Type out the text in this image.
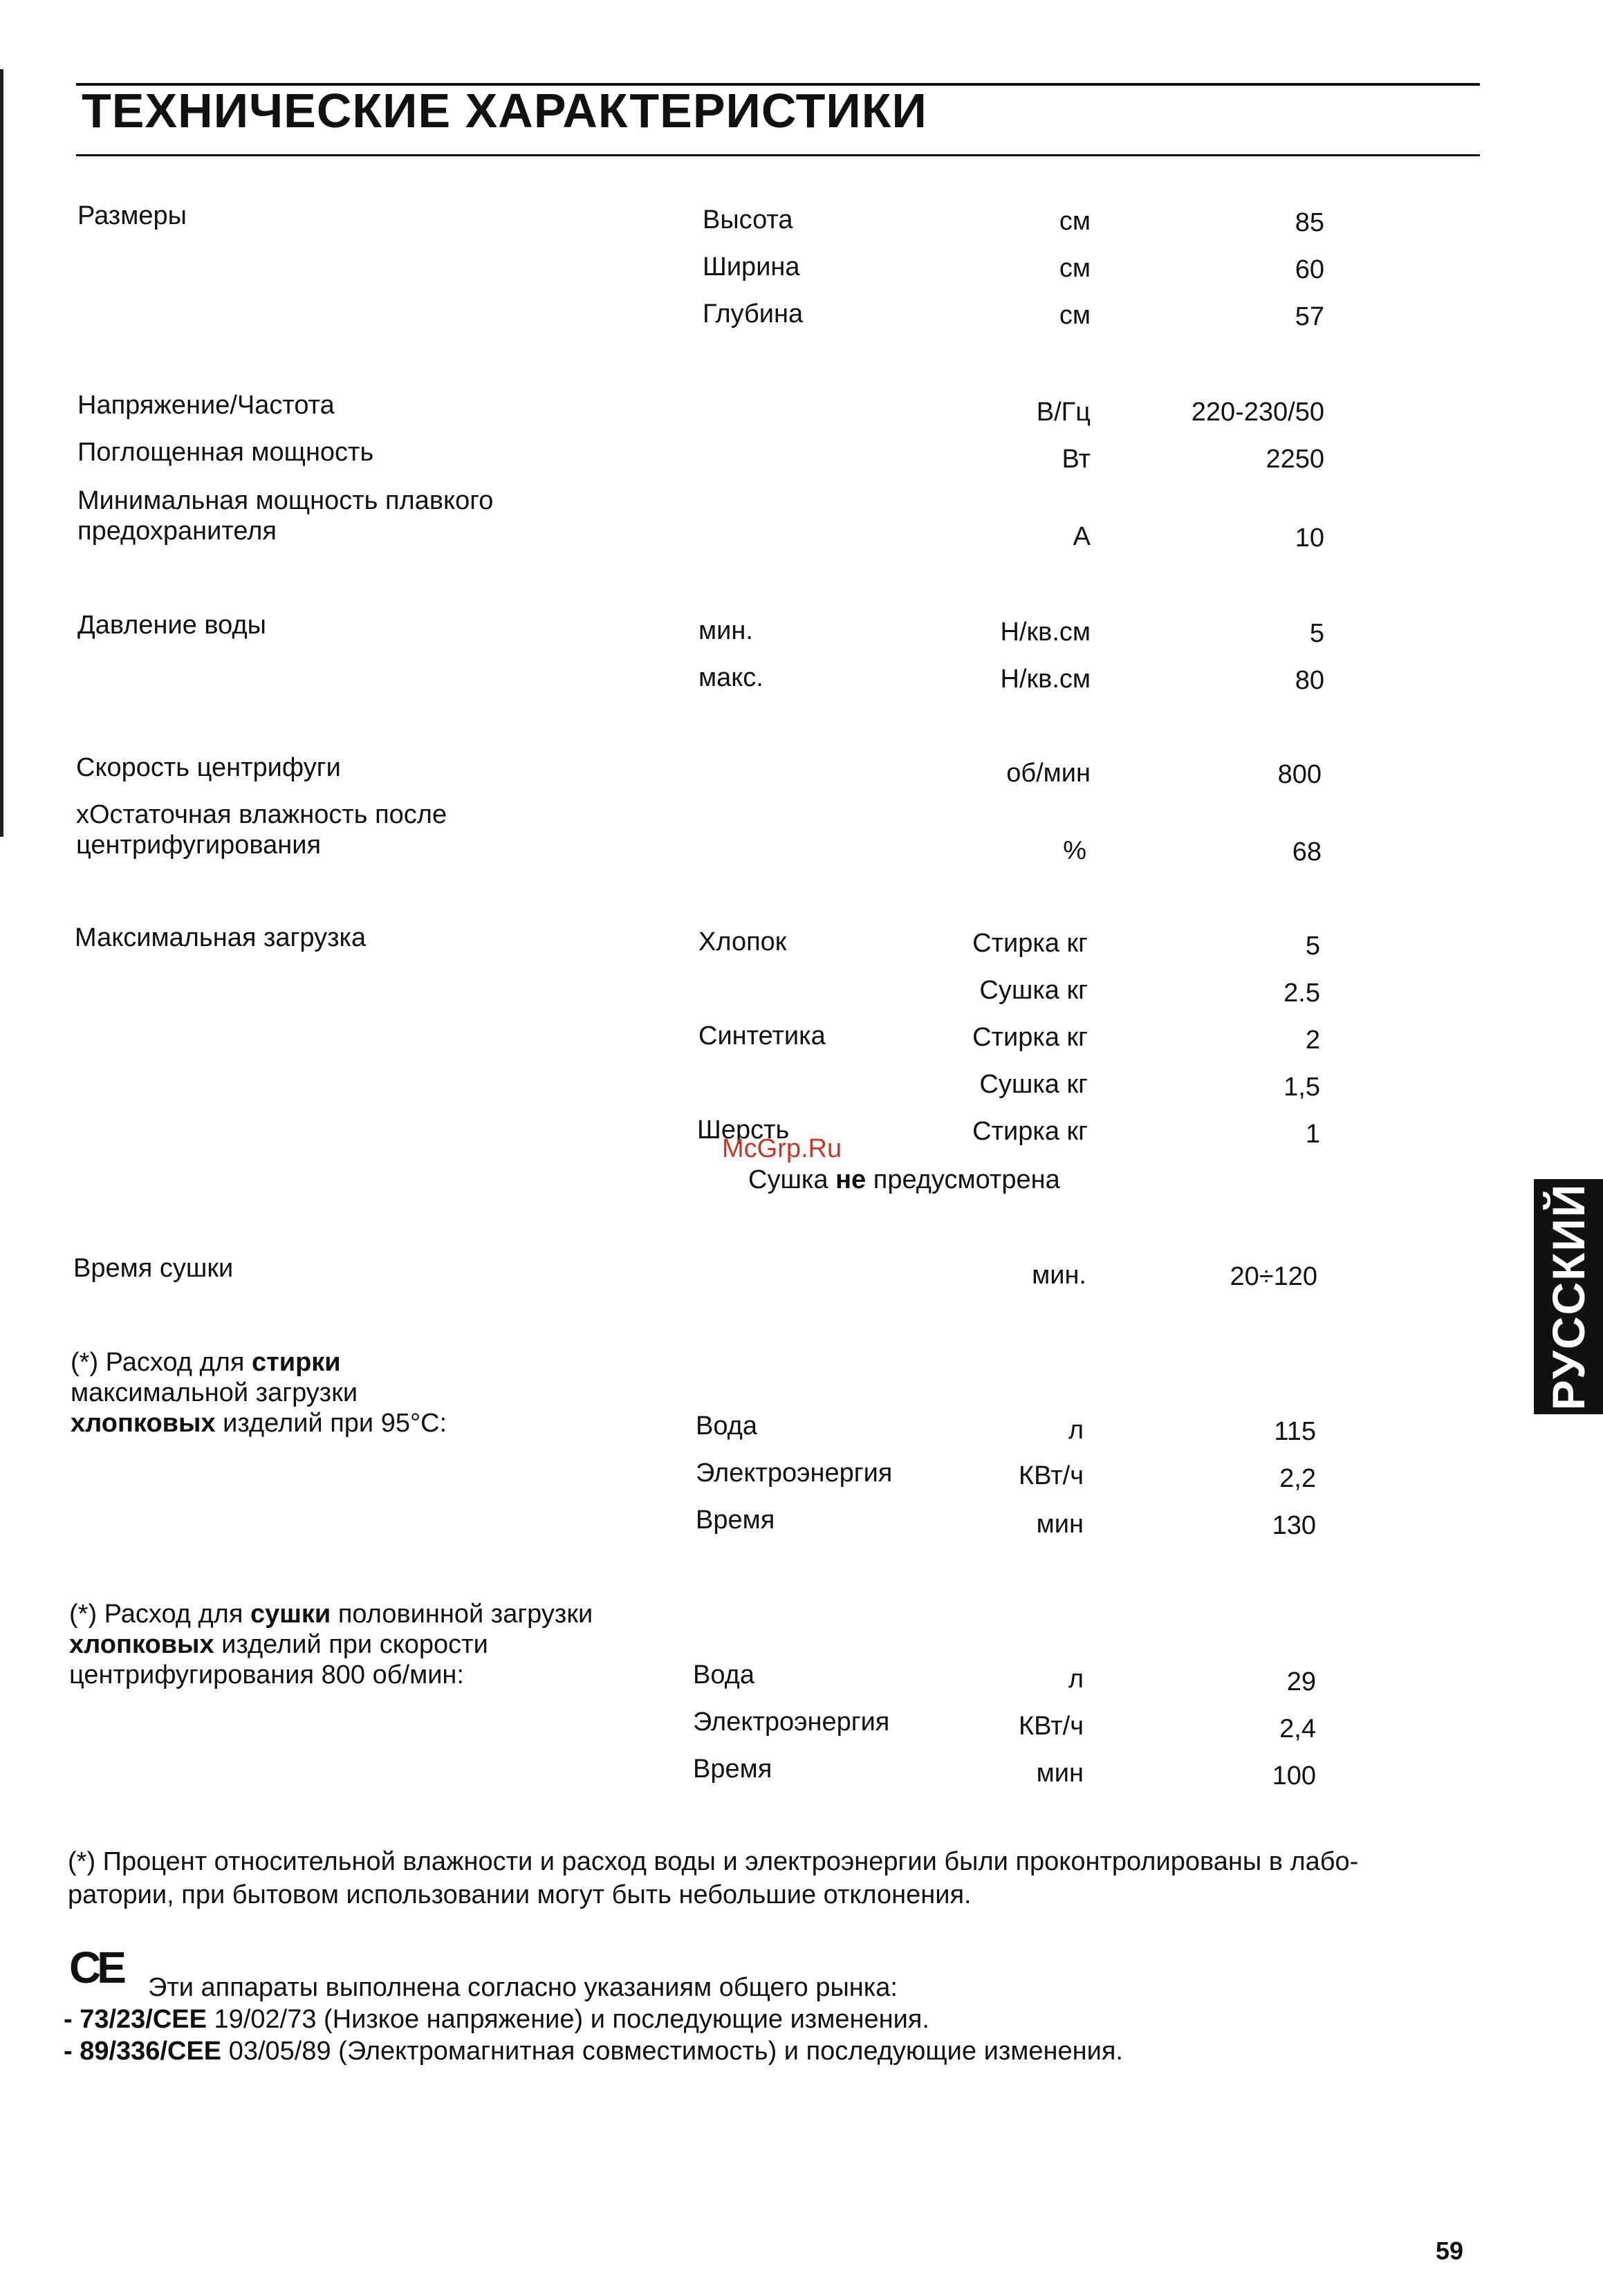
ТЕХНИЧЕСКИЕ ХАРАКТЕРИСТИКИ
Размеры	Высота	см	85
Ширина	см	60
Глубина	см	57
Напряжение/Частота	В/Гц	220-230/50
Поглощенная мощность	Вт	2250
Минимальная мощность плавкого
предохранителя	А	10
Давление воды	мин.	Н/кв.см	5
макс.	Н/кв.см	80
Скорость центрифуги	об/мин	800
хОстаточная влажность после
центрифугирования	%	68
Максимальная загрузка	Хлопок	Стирка кг	5
Сушка кг	2.5
Синтетика	Стирка кг	2
Сушка кг	1,5
Шерсть	Стирка кг	1
McGrp.Ru
Сушка не предусмотрена
Время сушки	мин.	20÷120
(*) Расход для стирки
максимальной загрузки
хлопковых изделий при 95°C:	Вода	л	115
Электроэнергия	КВт/ч	2,2
Время	мин	130
(*) Расход для сушки половинной загрузки
хлопковых изделий при скорости
центрифугирования 800 об/мин:	Вода	л	29
Электроэнергия	КВт/ч	2,4
Время	мин	100
(*) Процент относительной влажности и расход воды и электроэнергии были проконтролированы в лабо-
ратории, при бытовом использовании могут быть небольшие отклонения.
CE Эти аппараты выполнена согласно указаниям общего рынка:
- 73/23/CEE 19/02/73 (Низкое напряжение) и последующие изменения.
- 89/336/CEE 03/05/89 (Электромагнитная совместимость) и последующие изменения.
РУССКИЙ
59
